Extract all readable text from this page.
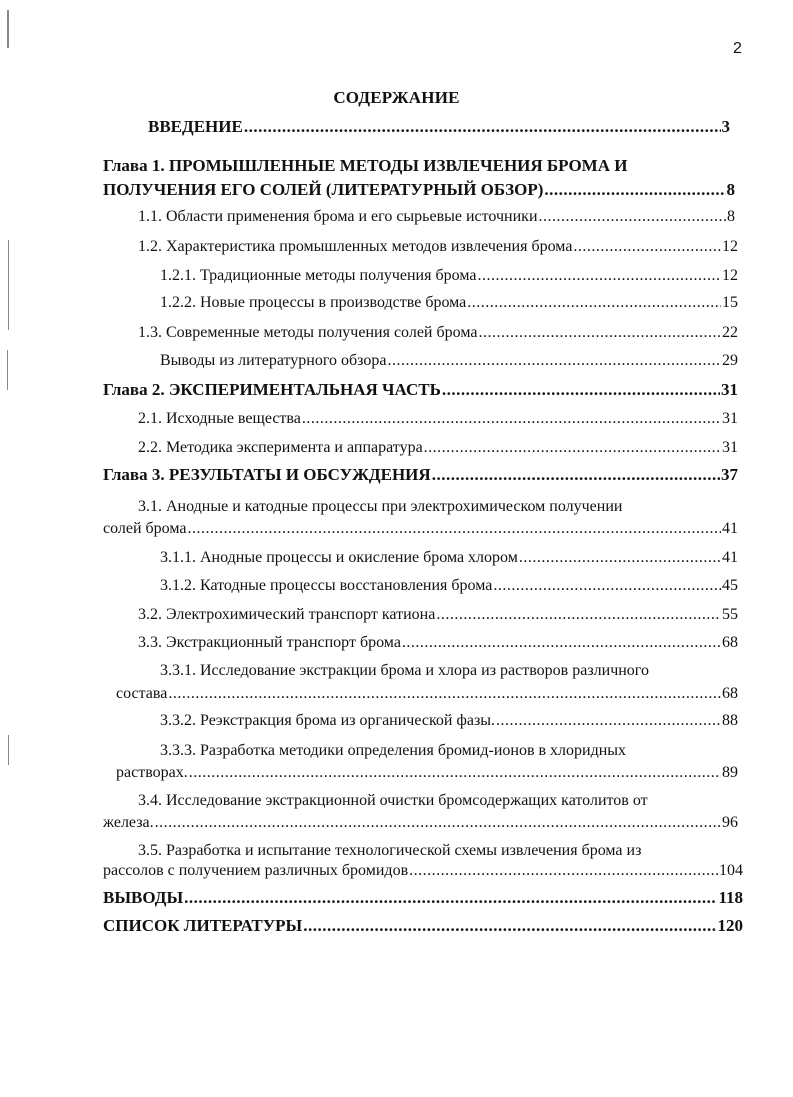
2
СОДЕРЖАНИЕ
ВВЕДЕНИЕ .....	3
Глава 1. ПРОМЫШЛЕННЫЕ МЕТОДЫ ИЗВЛЕЧЕНИЯ БРОМА И
ПОЛУЧЕНИЯ ЕГО СОЛЕЙ (ЛИТЕРАТУРНЫЙ ОБЗОР) .....	8
1.1. Области применения брома и его сырьевые источники .....	8
1.2. Характеристика промышленных методов извлечения брома .....	12
1.2.1. Традиционные методы получения брома .....	12
1.2.2. Новые процессы в производстве брома .....	15
1.3. Современные методы получения солей брома .....	22
Выводы из литературного обзора .....	29
Глава 2. ЭКСПЕРИМЕНТАЛЬНАЯ ЧАСТЬ .....	31
2.1. Исходные вещества .....	31
2.2. Методика эксперимента и аппаратура .....	31
Глава 3. РЕЗУЛЬТАТЫ И ОБСУЖДЕНИЯ .....	37
3.1. Анодные и катодные процессы при электрохимическом получении
солей брома .....	41
3.1.1. Анодные процессы и окисление брома хлором .....	41
3.1.2. Катодные процессы восстановления брома .....	45
3.2. Электрохимический транспорт катиона .....	55
3.3. Экстракционный транспорт брома .....	68
3.3.1. Исследование экстракции брома и хлора из растворов различного
состава .....	68
3.3.2. Реэкстракция брома из органической фазы. .....	88
3.3.3. Разработка методики определения бромид-ионов в хлоридных
растворах. .....	89
3.4. Исследование экстракционной очистки бромсодержащих католитов от
железа. .....	96
3.5. Разработка и испытание технологической схемы извлечения брома из
рассолов с получением различных бромидов .....	104
ВЫВОДЫ .....	118
СПИСОК ЛИТЕРАТУРЫ .....	120
